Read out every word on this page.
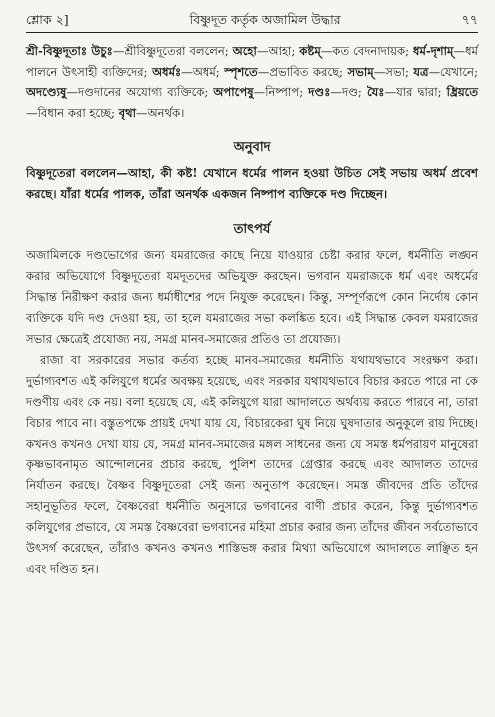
শ্লোক ২]	বিষ্ণুদূত কর্তৃক অজামিল উদ্ধার	৭৭

শ্রী-বিষ্ণুদূতাঃ উচুঃ—শ্রীবিষ্ণুদূতেরা বললেন; অহো—আহা; কষ্টম্—কত বেদনাদায়ক; ধর্ম-দৃশাম্—ধর্ম পালনে উৎসাহী ব্যক্তিদের; অধর্মঃ—অধর্ম; স্পৃশতে—প্রভাবিত করছে; সভাম্—সভা; যত্র—যেখানে; অদণ্ড্যেষু—দণ্ডদানের অযোগ্য ব্যক্তিকে; অপাপেষু—নিষ্পাপ; দণ্ডঃ—দণ্ড; যৈঃ—যার দ্বারা; ধ্রিয়তে—বিধান করা হচ্ছে; বৃথা—অনর্থক।

অনুবাদ

বিষ্ণুদূতেরা বললেন—আহা, কী কষ্ট! যেখানে ধর্মের পালন হওয়া উচিত সেই সভায় অধর্ম প্রবেশ করছে। যাঁরা ধর্মের পালক, তাঁরা অনর্থক একজন নিষ্পাপ ব্যক্তিকে দণ্ড দিচ্ছেন।

তাৎপর্য

অজামিলকে দণ্ডভোগের জন্য যমরাজের কাছে নিয়ে যাওয়ার চেষ্টা করার ফলে, ধর্মনীতি লঙ্ঘন করার অভিযোগে বিষ্ণুদূতেরা যমদূতদের অভিযুক্ত করছেন। ভগবান যমরাজকে ধর্ম এবং অধর্মের সিদ্ধান্ত নিরীক্ষণ করার জন্য ধর্মাধীশের পদে নিযুক্ত করেছেন। কিন্তু, সম্পূর্ণরূপে কোন নির্দোষ কোন ব্যক্তিকে যদি দণ্ড দেওয়া হয়, তা হলে যমরাজের সভা কলঙ্কিত হবে। এই সিদ্ধান্ত কেবল যমরাজের সভার ক্ষেত্রেই প্রযোজ্য নয়, সমগ্র মানব-সমাজের প্রতিও তা প্রযোজ্য।

রাজা বা সরকারের সভার কর্তব্য হচ্ছে মানব-সমাজের ধর্মনীতি যথাযথভাবে সংরক্ষণ করা। দুর্ভাগ্যবশত এই কলিযুগে ধর্মের অবক্ষয় হয়েছে, এবং সরকার যথাযথভাবে বিচার করতে পারে না কে দণ্ডণীয় এবং কে নয়। বলা হয়েছে যে, এই কলিযুগে যারা আদালতে অর্থব্যয় করতে পারবে না, তারা বিচার পাবে না। বস্তুতপক্ষে প্রায়ই দেখা যায় যে, বিচারকেরা ঘুষ নিয়ে ঘুষদাতার অনুকূলে রায় দিচ্ছে। কখনও কখনও দেখা যায় যে, সমগ্র মানব-সমাজের মঙ্গল সাধনের জন্য যে সমস্ত ধর্মপরায়ণ মানুষেরা কৃষ্ণভাবনামৃত আন্দোলনের প্রচার করছে, পুলিশ তাদের গ্রেপ্তার করছে এবং আদালত তাদের নির্যাতন করছে। বৈষ্ণব বিষ্ণুদূতেরা সেই জন্য অনুতাপ করেছেন। সমস্ত জীবদের প্রতি তাঁদের সহানুভূতির ফলে, বৈষ্ণবেরা ধর্মনীতি অনুসারে ভগবানের বাণী প্রচার করেন, কিন্তু দুর্ভাগ্যবশত কলিযুগের প্রভাবে, যে সমস্ত বৈষ্ণবেরা ভগবানের মহিমা প্রচার করার জন্য তাঁদের জীবন সর্বতোভাবে উৎসর্গ করেছেন, তাঁরাও কখনও কখনও শাস্তিভঙ্গ করার মিথ্যা অভিযোগে আদালতে লাঞ্ছিত হন এবং দণ্ডিত হন।
